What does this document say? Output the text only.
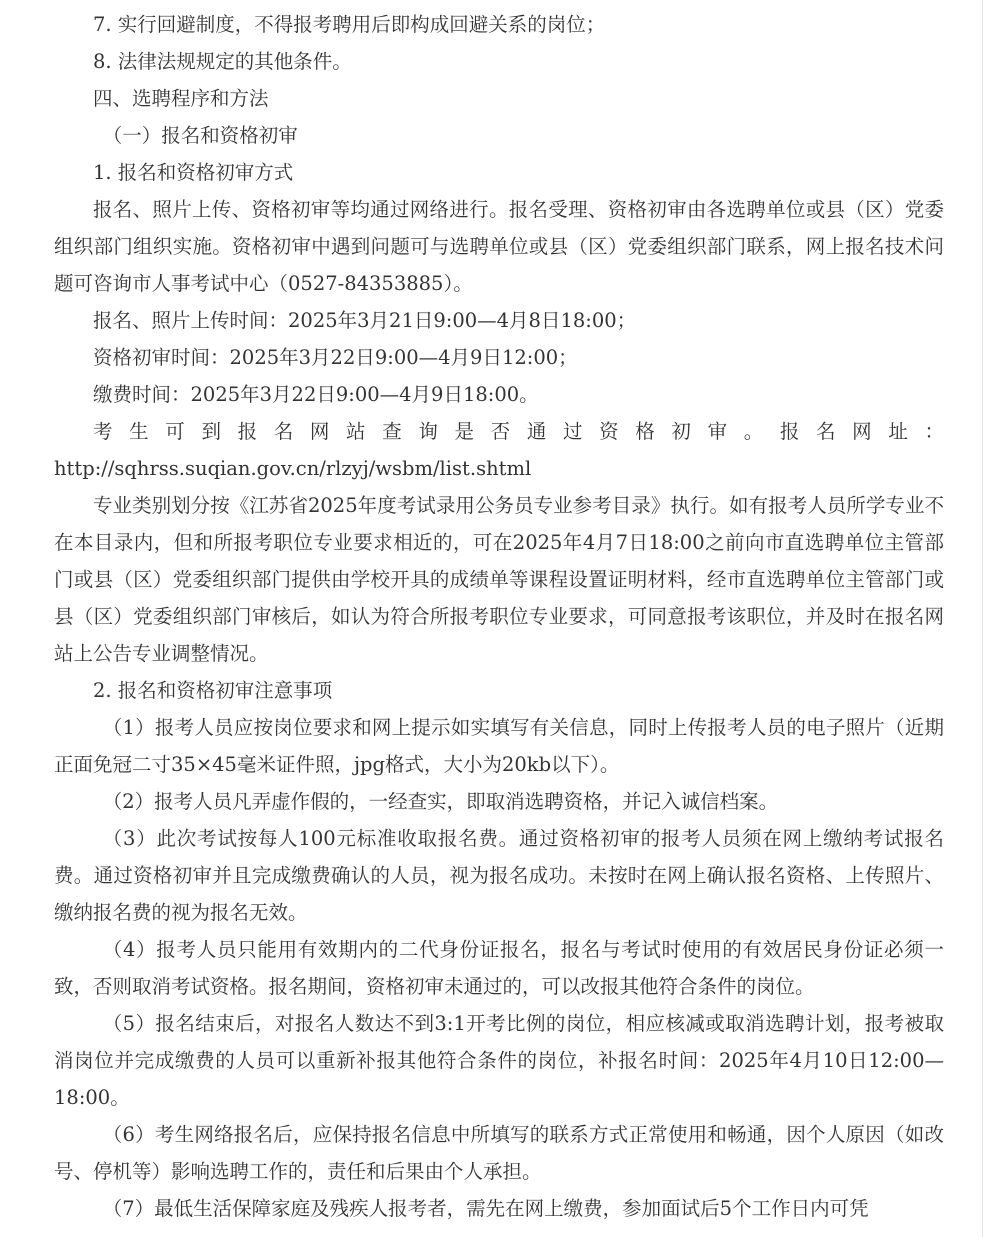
7. 实行回避制度，不得报考聘用后即构成回避关系的岗位；

8. 法律法规规定的其他条件。

四、选聘程序和方法

（一）报名和资格初审

1. 报名和资格初审方式

报名、照片上传、资格初审等均通过网络进行。报名受理、资格初审由各选聘单位或县（区）党委组织部门组织实施。资格初审中遇到问题可与选聘单位或县（区）党委组织部门联系，网上报名技术问题可咨询市人事考试中心（0527-84353885）。

报名、照片上传时间：2025年3月21日9:00—4月8日18:00；

资格初审时间：2025年3月22日9:00—4月9日12:00；

缴费时间：2025年3月22日9:00—4月9日18:00。

考生可到报名网站查询是否通过资格初审。报名网址：

http://sqhrss.suqian.gov.cn/rlzyj/wsbm/list.shtml

专业类别划分按《江苏省2025年度考试录用公务员专业参考目录》执行。如有报考人员所学专业不在本目录内，但和所报考职位专业要求相近的，可在2025年4月7日18:00之前向市直选聘单位主管部门或县（区）党委组织部门提供由学校开具的成绩单等课程设置证明材料，经市直选聘单位主管部门或县（区）党委组织部门审核后，如认为符合所报考职位专业要求，可同意报考该职位，并及时在报名网站上公告专业调整情况。

2. 报名和资格初审注意事项

（1）报考人员应按岗位要求和网上提示如实填写有关信息，同时上传报考人员的电子照片（近期正面免冠二寸35×45毫米证件照，jpg格式，大小为20kb以下）。

（2）报考人员凡弄虚作假的，一经查实，即取消选聘资格，并记入诚信档案。

（3）此次考试按每人100元标准收取报名费。通过资格初审的报考人员须在网上缴纳考试报名费。通过资格初审并且完成缴费确认的人员，视为报名成功。未按时在网上确认报名资格、上传照片、缴纳报名费的视为报名无效。

（4）报考人员只能用有效期内的二代身份证报名，报名与考试时使用的有效居民身份证必须一致，否则取消考试资格。报名期间，资格初审未通过的，可以改报其他符合条件的岗位。

（5）报名结束后，对报名人数达不到3:1开考比例的岗位，相应核减或取消选聘计划，报考被取消岗位并完成缴费的人员可以重新补报其他符合条件的岗位，补报名时间：2025年4月10日12:00—18:00。

（6）考生网络报名后，应保持报名信息中所填写的联系方式正常使用和畅通，因个人原因（如改号、停机等）影响选聘工作的，责任和后果由个人承担。

（7）最低生活保障家庭及残疾人报考者，需先在网上缴费，参加面试后5个工作日内可凭
